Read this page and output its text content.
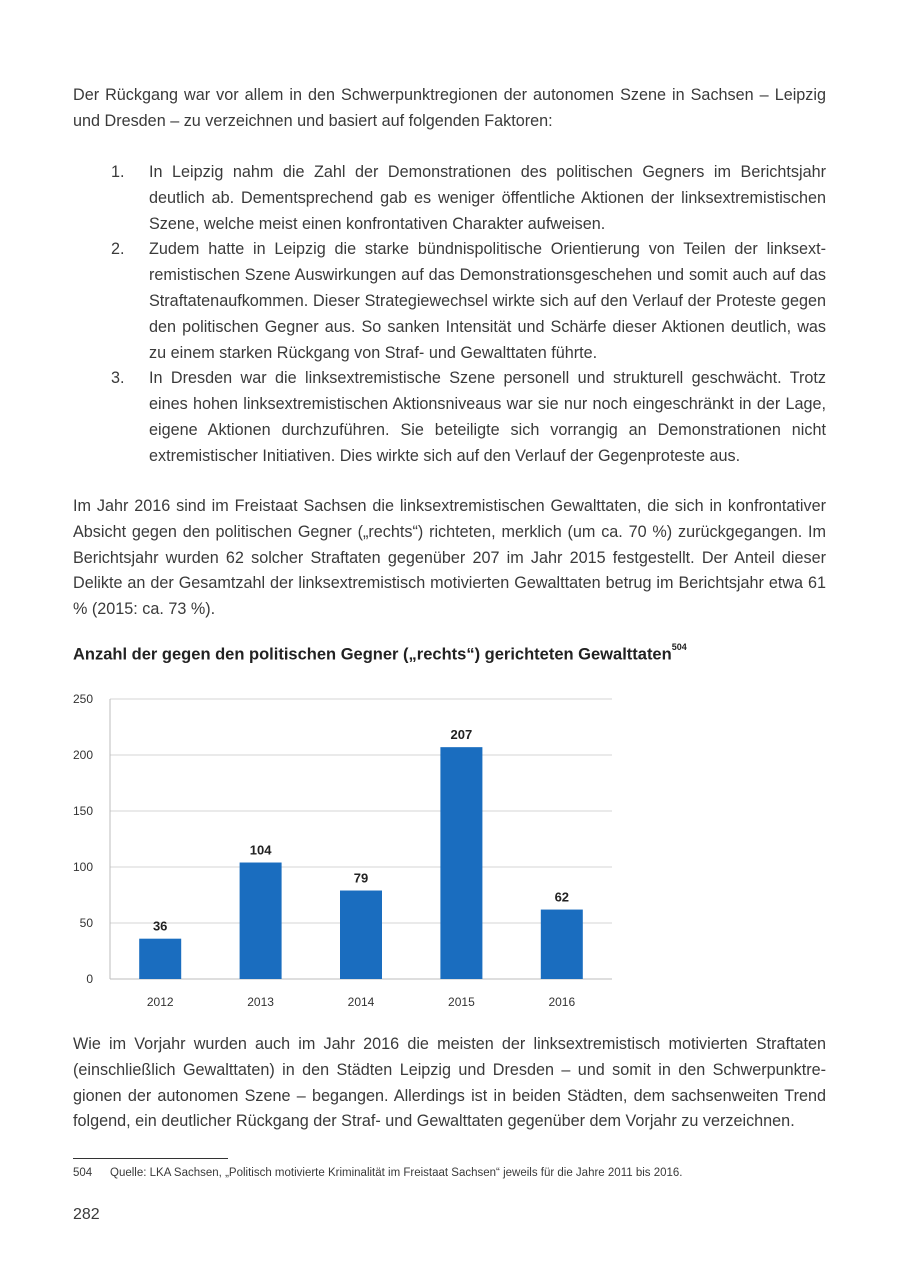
Der Rückgang war vor allem in den Schwerpunktregionen der autonomen Szene in Sachsen – Leipzig und Dresden – zu verzeichnen und basiert auf folgenden Faktoren:

1. In Leipzig nahm die Zahl der Demonstrationen des politischen Gegners im Berichtsjahr deutlich ab. Dementsprechend gab es weniger öffentliche Aktionen der linksextremistischen Szene, welche meist einen konfrontativen Charakter aufweisen.
2. Zudem hatte in Leipzig die starke bündnispolitische Orientierung von Teilen der linksextremistischen Szene Auswirkungen auf das Demonstrationsgeschehen und somit auch auf das Straftatenaufkommen. Dieser Strategiewechsel wirkte sich auf den Verlauf der Proteste gegen den politischen Gegner aus. So sanken Intensität und Schärfe dieser Aktionen deutlich, was zu einem starken Rückgang von Straf- und Gewalttaten führte.
3. In Dresden war die linksextremistische Szene personell und strukturell geschwächt. Trotz eines hohen linksextremistischen Aktionsniveaus war sie nur noch eingeschränkt in der Lage, eigene Aktionen durchzuführen. Sie beteiligte sich vorrangig an Demonstrationen nicht extremistischer Initiativen. Dies wirkte sich auf den Verlauf der Gegenproteste aus.

Im Jahr 2016 sind im Freistaat Sachsen die linksextremistischen Gewalttaten, die sich in konfrontativer Absicht gegen den politischen Gegner („rechts“) richteten, merklich (um ca. 70 %) zurückgegangen. Im Berichtsjahr wurden 62 solcher Straftaten gegenüber 207 im Jahr 2015 festgestellt. Der Anteil dieser Delikte an der Gesamtzahl der linksextremistisch motivierten Gewalttaten betrug im Berichtsjahr etwa 61 % (2015: ca. 73 %).

Anzahl der gegen den politischen Gegner („rechts“) gerichteten Gewalttaten$^{504}$

0
50
100
150
200
250
36
2012
104
2013
79
2014
207
2015
62
2016

Wie im Vorjahr wurden auch im Jahr 2016 die meisten der linksextremistisch motivierten Straftaten (einschließlich Gewalttaten) in den Städten Leipzig und Dresden – und somit in den Schwerpunktregionen der autonomen Szene – begangen. Allerdings ist in beiden Städten, dem sachsenweiten Trend folgend, ein deutlicher Rückgang der Straf- und Gewalttaten gegenüber dem Vorjahr zu verzeichnen.

504 Quelle: LKA Sachsen, „Politisch motivierte Kriminalität im Freistaat Sachsen“ jeweils für die Jahre 2011 bis 2016.
282
